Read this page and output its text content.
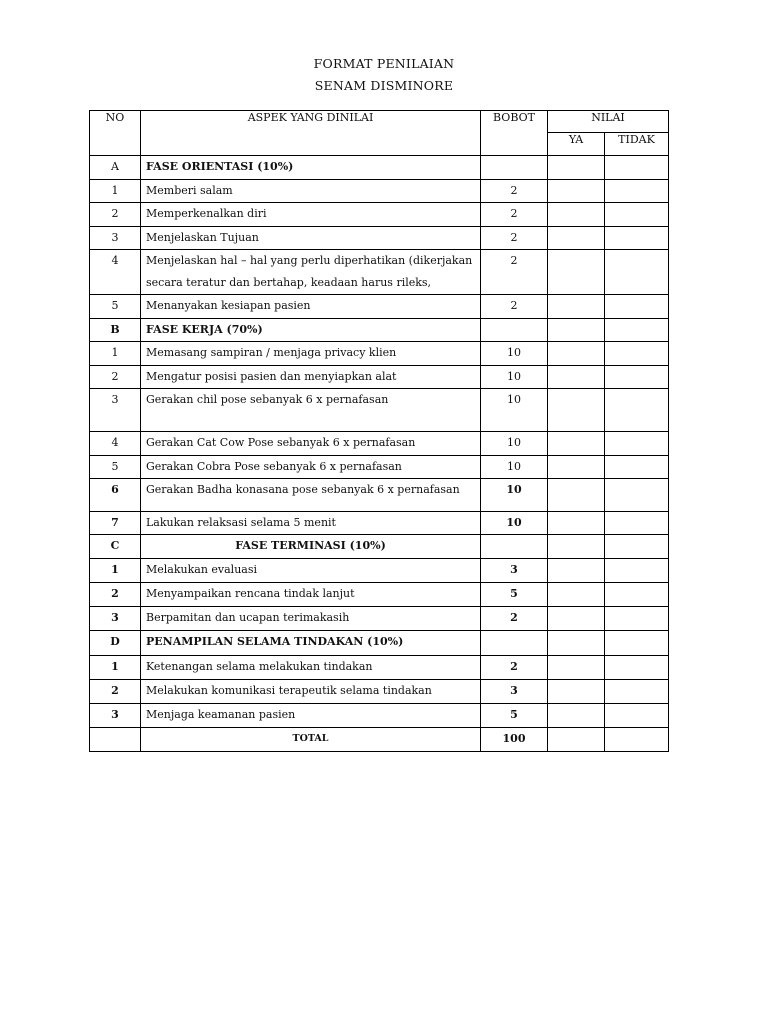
FORMAT PENILAIAN
SENAM DISMINORE
NO	ASPEK YANG DINILAI	BOBOT	NILAI	
			YA	TIDAK
A	FASE ORIENTASI (10%)			
1	Memberi salam	2		
2	Memperkenalkan diri	2		
3	Menjelaskan Tujuan	2		
4	Menjelaskan hal – hal yang perlu diperhatikan (dikerjakan secara teratur dan bertahap, keadaan harus rileks,	2		
5	Menanyakan kesiapan pasien	2		
B	FASE KERJA (70%)			
1	Memasang sampiran / menjaga privacy klien	10		
2	Mengatur posisi pasien dan menyiapkan alat	10		
3	Gerakan chil pose sebanyak 6 x pernafasan	10		
4	Gerakan Cat Cow Pose sebanyak 6 x pernafasan	10		
5	Gerakan Cobra Pose sebanyak 6 x pernafasan	10		
6	Gerakan Badha konasana pose sebanyak 6 x pernafasan	10		
7	Lakukan relaksasi selama 5 menit	10		
C	FASE TERMINASI (10%)			
1	Melakukan evaluasi	3		
2	Menyampaikan rencana tindak lanjut	5		
3	Berpamitan dan ucapan terimakasih	2		
D	PENAMPILAN SELAMA TINDAKAN (10%)			
1	Ketenangan selama melakukan tindakan	2		
2	Melakukan komunikasi terapeutik selama tindakan	3		
3	Menjaga keamanan pasien	5		
	TOTAL	100		
